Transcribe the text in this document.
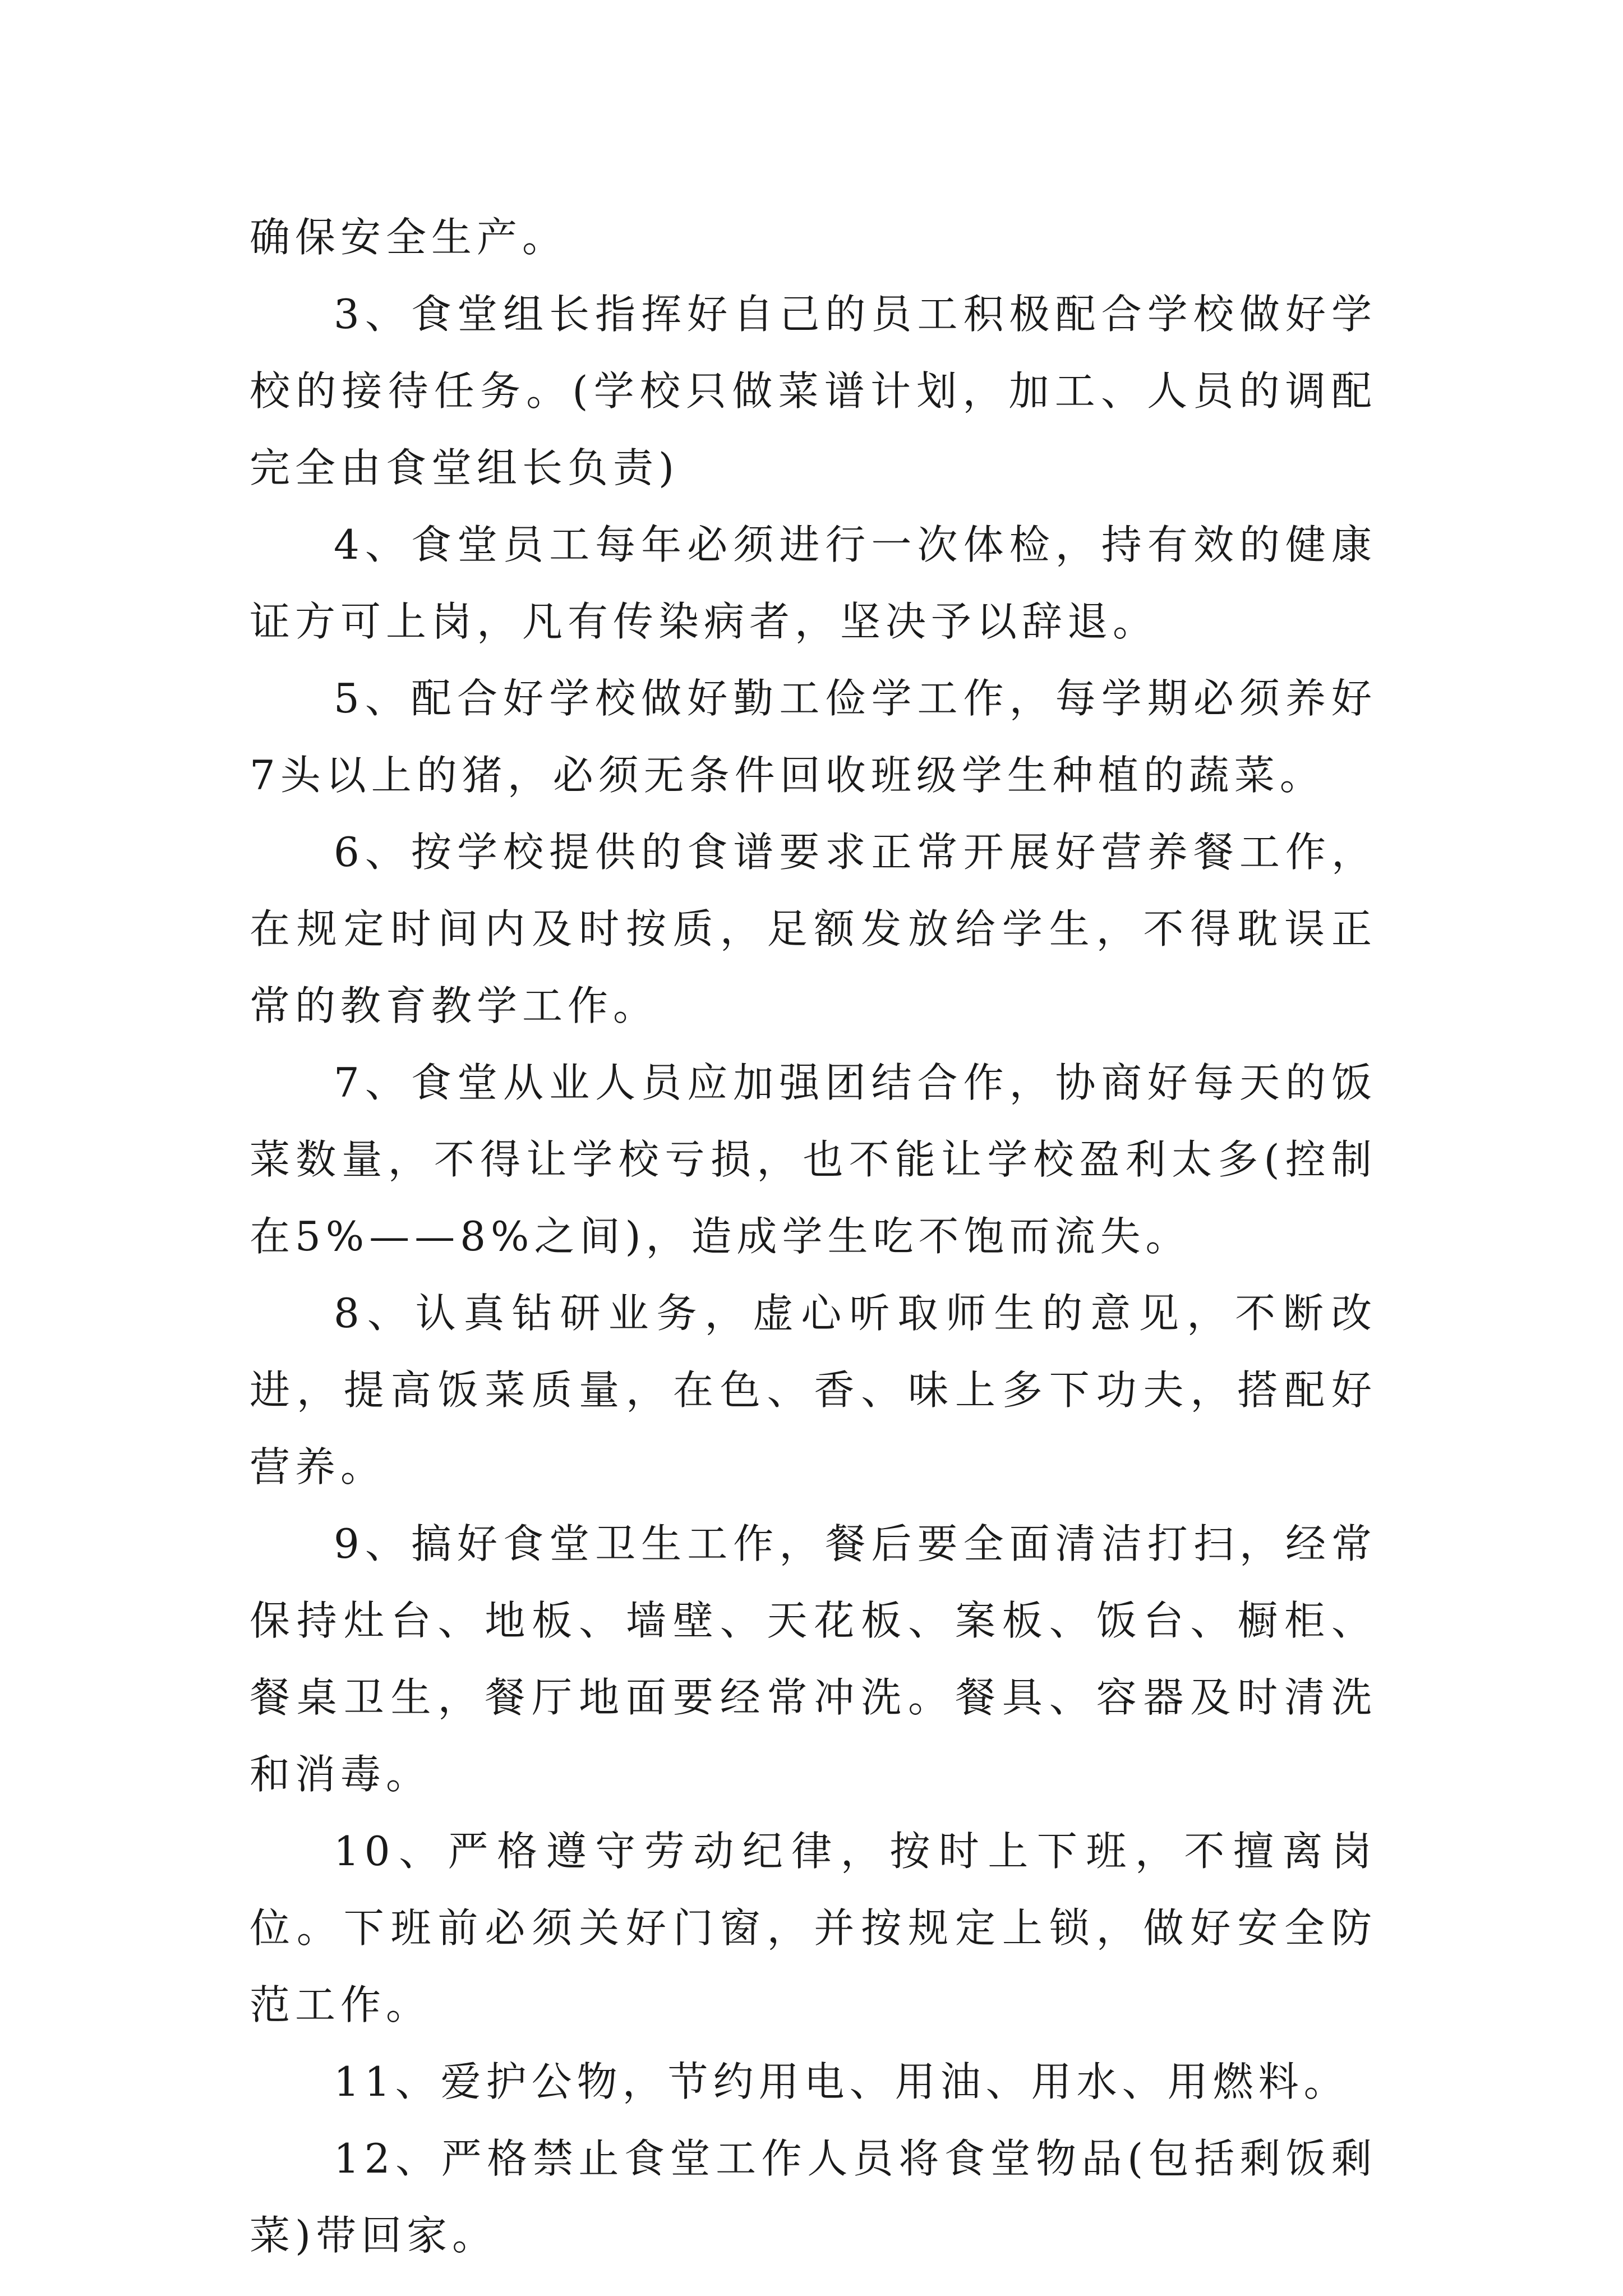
确保安全生产。

3、食堂组长指挥好自己的员工积极配合学校做好学校的接待任务。(学校只做菜谱计划，加工、人员的调配完全由食堂组长负责)

4、食堂员工每年必须进行一次体检，持有效的健康证方可上岗，凡有传染病者，坚决予以辞退。

5、配合好学校做好勤工俭学工作，每学期必须养好7头以上的猪，必须无条件回收班级学生种植的蔬菜。

6、按学校提供的食谱要求正常开展好营养餐工作，在规定时间内及时按质，足额发放给学生，不得耽误正常的教育教学工作。

7、食堂从业人员应加强团结合作，协商好每天的饭菜数量，不得让学校亏损，也不能让学校盈利太多(控制在5%——8%之间)，造成学生吃不饱而流失。

8、认真钻研业务，虚心听取师生的意见，不断改进，提高饭菜质量，在色、香、味上多下功夫，搭配好营养。

9、搞好食堂卫生工作，餐后要全面清洁打扫，经常保持灶台、地板、墙壁、天花板、案板、饭台、橱柜、餐桌卫生，餐厅地面要经常冲洗。餐具、容器及时清洗和消毒。

10、严格遵守劳动纪律，按时上下班，不擅离岗位。下班前必须关好门窗，并按规定上锁，做好安全防范工作。

11、爱护公物，节约用电、用油、用水、用燃料。

12、严格禁止食堂工作人员将食堂物品(包括剩饭剩菜)带回家。
